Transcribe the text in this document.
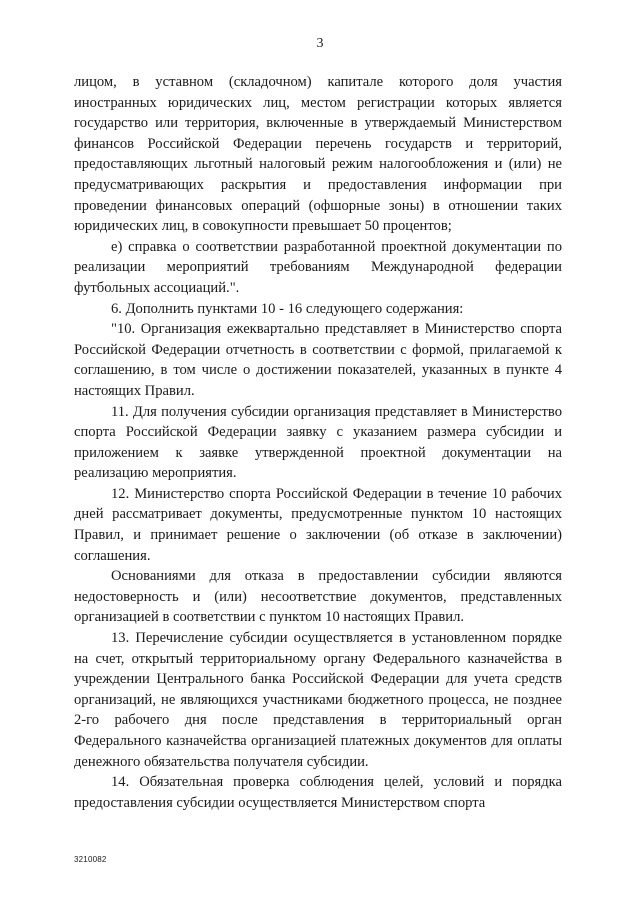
3

лицом, в уставном (складочном) капитале которого доля участия иностранных юридических лиц, местом регистрации которых является государство или территория, включенные в утверждаемый Министерством финансов Российской Федерации перечень государств и территорий, предоставляющих льготный налоговый режим налогообложения и (или) не предусматривающих раскрытия и предоставления информации при проведении финансовых операций (офшорные зоны) в отношении таких юридических лиц, в совокупности превышает 50 процентов;

е) справка о соответствии разработанной проектной документации по реализации мероприятий требованиям Международной федерации футбольных ассоциаций.".

6. Дополнить пунктами 10 - 16 следующего содержания:

"10. Организация ежеквартально представляет в Министерство спорта Российской Федерации отчетность в соответствии с формой, прилагаемой к соглашению, в том числе о достижении показателей, указанных в пункте 4 настоящих Правил.

11. Для получения субсидии организация представляет в Министерство спорта Российской Федерации заявку с указанием размера субсидии и приложением к заявке утвержденной проектной документации на реализацию мероприятия.

12. Министерство спорта Российской Федерации в течение 10 рабочих дней рассматривает документы, предусмотренные пунктом 10 настоящих Правил, и принимает решение о заключении (об отказе в заключении) соглашения.

Основаниями для отказа в предоставлении субсидии являются недостоверность и (или) несоответствие документов, представленных организацией в соответствии с пунктом 10 настоящих Правил.

13. Перечисление субсидии осуществляется в установленном порядке на счет, открытый территориальному органу Федерального казначейства в учреждении Центрального банка Российской Федерации для учета средств организаций, не являющихся участниками бюджетного процесса, не позднее 2-го рабочего дня после представления в территориальный орган Федерального казначейства организацией платежных документов для оплаты денежного обязательства получателя субсидии.

14. Обязательная проверка соблюдения целей, условий и порядка предоставления субсидии осуществляется Министерством спорта

3210082
